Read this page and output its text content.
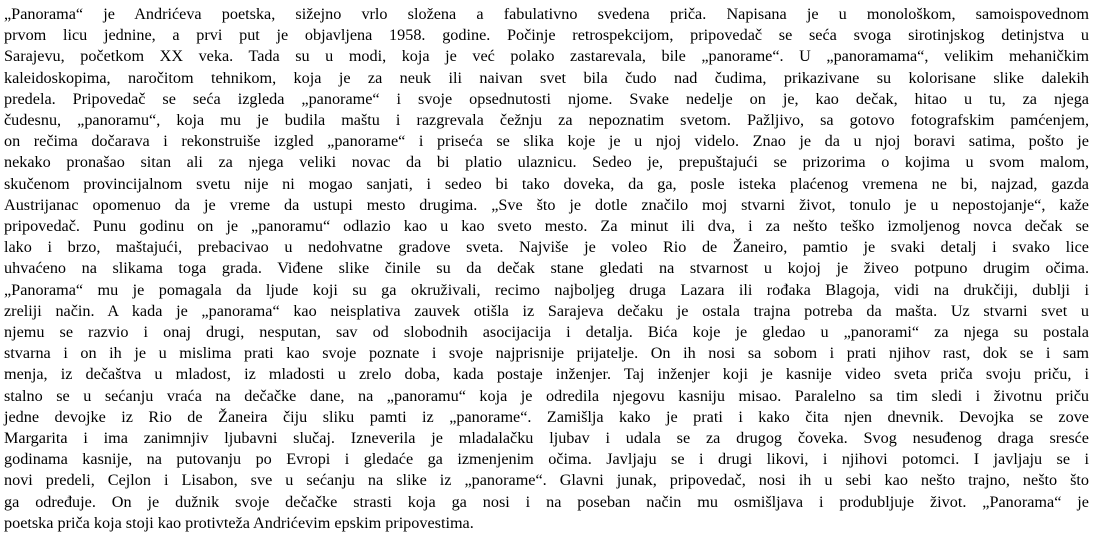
„Panorama“ je Andrićeva poetska, sižejno vrlo složena a fabulativno svedena priča. Napisana je u monološkom, samoispovednom
prvom licu jednine, a prvi put je objavljena 1958. godine. Počinje retrospekcijom, pripovedač se seća svoga sirotinjskog detinjstva u
Sarajevu, početkom XX veka. Tada su u modi, koja je već polako zastarevala, bile „panorame“. U „panoramama“, velikim mehaničkim
kaleidoskopima, naročitom tehnikom, koja je za neuk ili naivan svet bila čudo nad čudima, prikazivane su kolorisane slike dalekih
predela. Pripovedač se seća izgleda „panorame“ i svoje opsednutosti njome. Svake nedelje on je, kao dečak, hitao u tu, za njega
čudesnu, „panoramu“, koja mu je budila maštu i razgrevala čežnju za nepoznatim svetom. Pažljivo, sa gotovo fotografskim pamćenjem,
on rečima dočarava i rekonstruiše izgled „panorame“ i priseća se slika koje je u njoj videlo. Znao je da u njoj boravi satima, pošto je
nekako pronašao sitan ali za njega veliki novac da bi platio ulaznicu. Sedeo je, prepuštajući se prizorima o kojima u svom malom,
skučenom provincijalnom svetu nije ni mogao sanjati, i sedeo bi tako doveka, da ga, posle isteka plaćenog vremena ne bi, najzad, gazda
Austrijanac opomenuo da je vreme da ustupi mesto drugima. „Sve što je dotle značilo moj stvarni život, tonulo je u nepostojanje“, kaže
pripovedač. Punu godinu on je „panoramu“ odlazio kao u kao sveto mesto. Za minut ili dva, i za nešto teško izmoljenog novca dečak se
lako i brzo, maštajući, prebacivao u nedohvatne gradove sveta. Najviše je voleo Rio de Žaneiro, pamtio je svaki detalj i svako lice
uhvaćeno na slikama toga grada. Viđene slike činile su da dečak stane gledati na stvarnost u kojoj je živeo potpuno drugim očima.
„Panorama“ mu je pomagala da ljude koji su ga okruživali, recimo najboljeg druga Lazara ili rođaka Blagoja, vidi na drukčiji, dublji i
zreliji način. A kada je „panorama“ kao neisplativa zauvek otišla iz Sarajeva dečaku je ostala trajna potreba da mašta. Uz stvarni svet u
njemu se razvio i onaj drugi, nesputan, sav od slobodnih asocijacija i detalja. Bića koje je gledao u „panorami“ za njega su postala
stvarna i on ih je u mislima prati kao svoje poznate i svoje najprisnije prijatelje. On ih nosi sa sobom i prati njihov rast, dok se i sam
menja, iz dečaštva u mladost, iz mladosti u zrelo doba, kada postaje inženjer. Taj inženjer koji je kasnije video sveta priča svoju priču, i
stalno se u sećanju vraća na dečačke dane, na „panoramu“ koja je odredila njegovu kasniju misao. Paralelno sa tim sledi i životnu priču
jedne devojke iz Rio de Žaneira čiju sliku pamti iz „panorame“. Zamišlja kako je prati i kako čita njen dnevnik. Devojka se zove
Margarita i ima zanimnjiv ljubavni slučaj. Izneverila je mladalačku ljubav i udala se za drugog čoveka. Svog nesuđenog draga sresće
godinama kasnije, na putovanju po Evropi i gledaće ga izmenjenim očima. Javljaju se i drugi likovi, i njihovi potomci. I javljaju se i
novi predeli, Cejlon i Lisabon, sve u sećanju na slike iz „panorame“. Glavni junak, pripovedač, nosi ih u sebi kao nešto trajno, nešto što
ga određuje. On je dužnik svoje dečačke strasti koja ga nosi i na poseban način mu osmišljava i produbljuje život. „Panorama“ je
poetska priča koja stoji kao protivteža Andrićevim epskim pripovestima.
